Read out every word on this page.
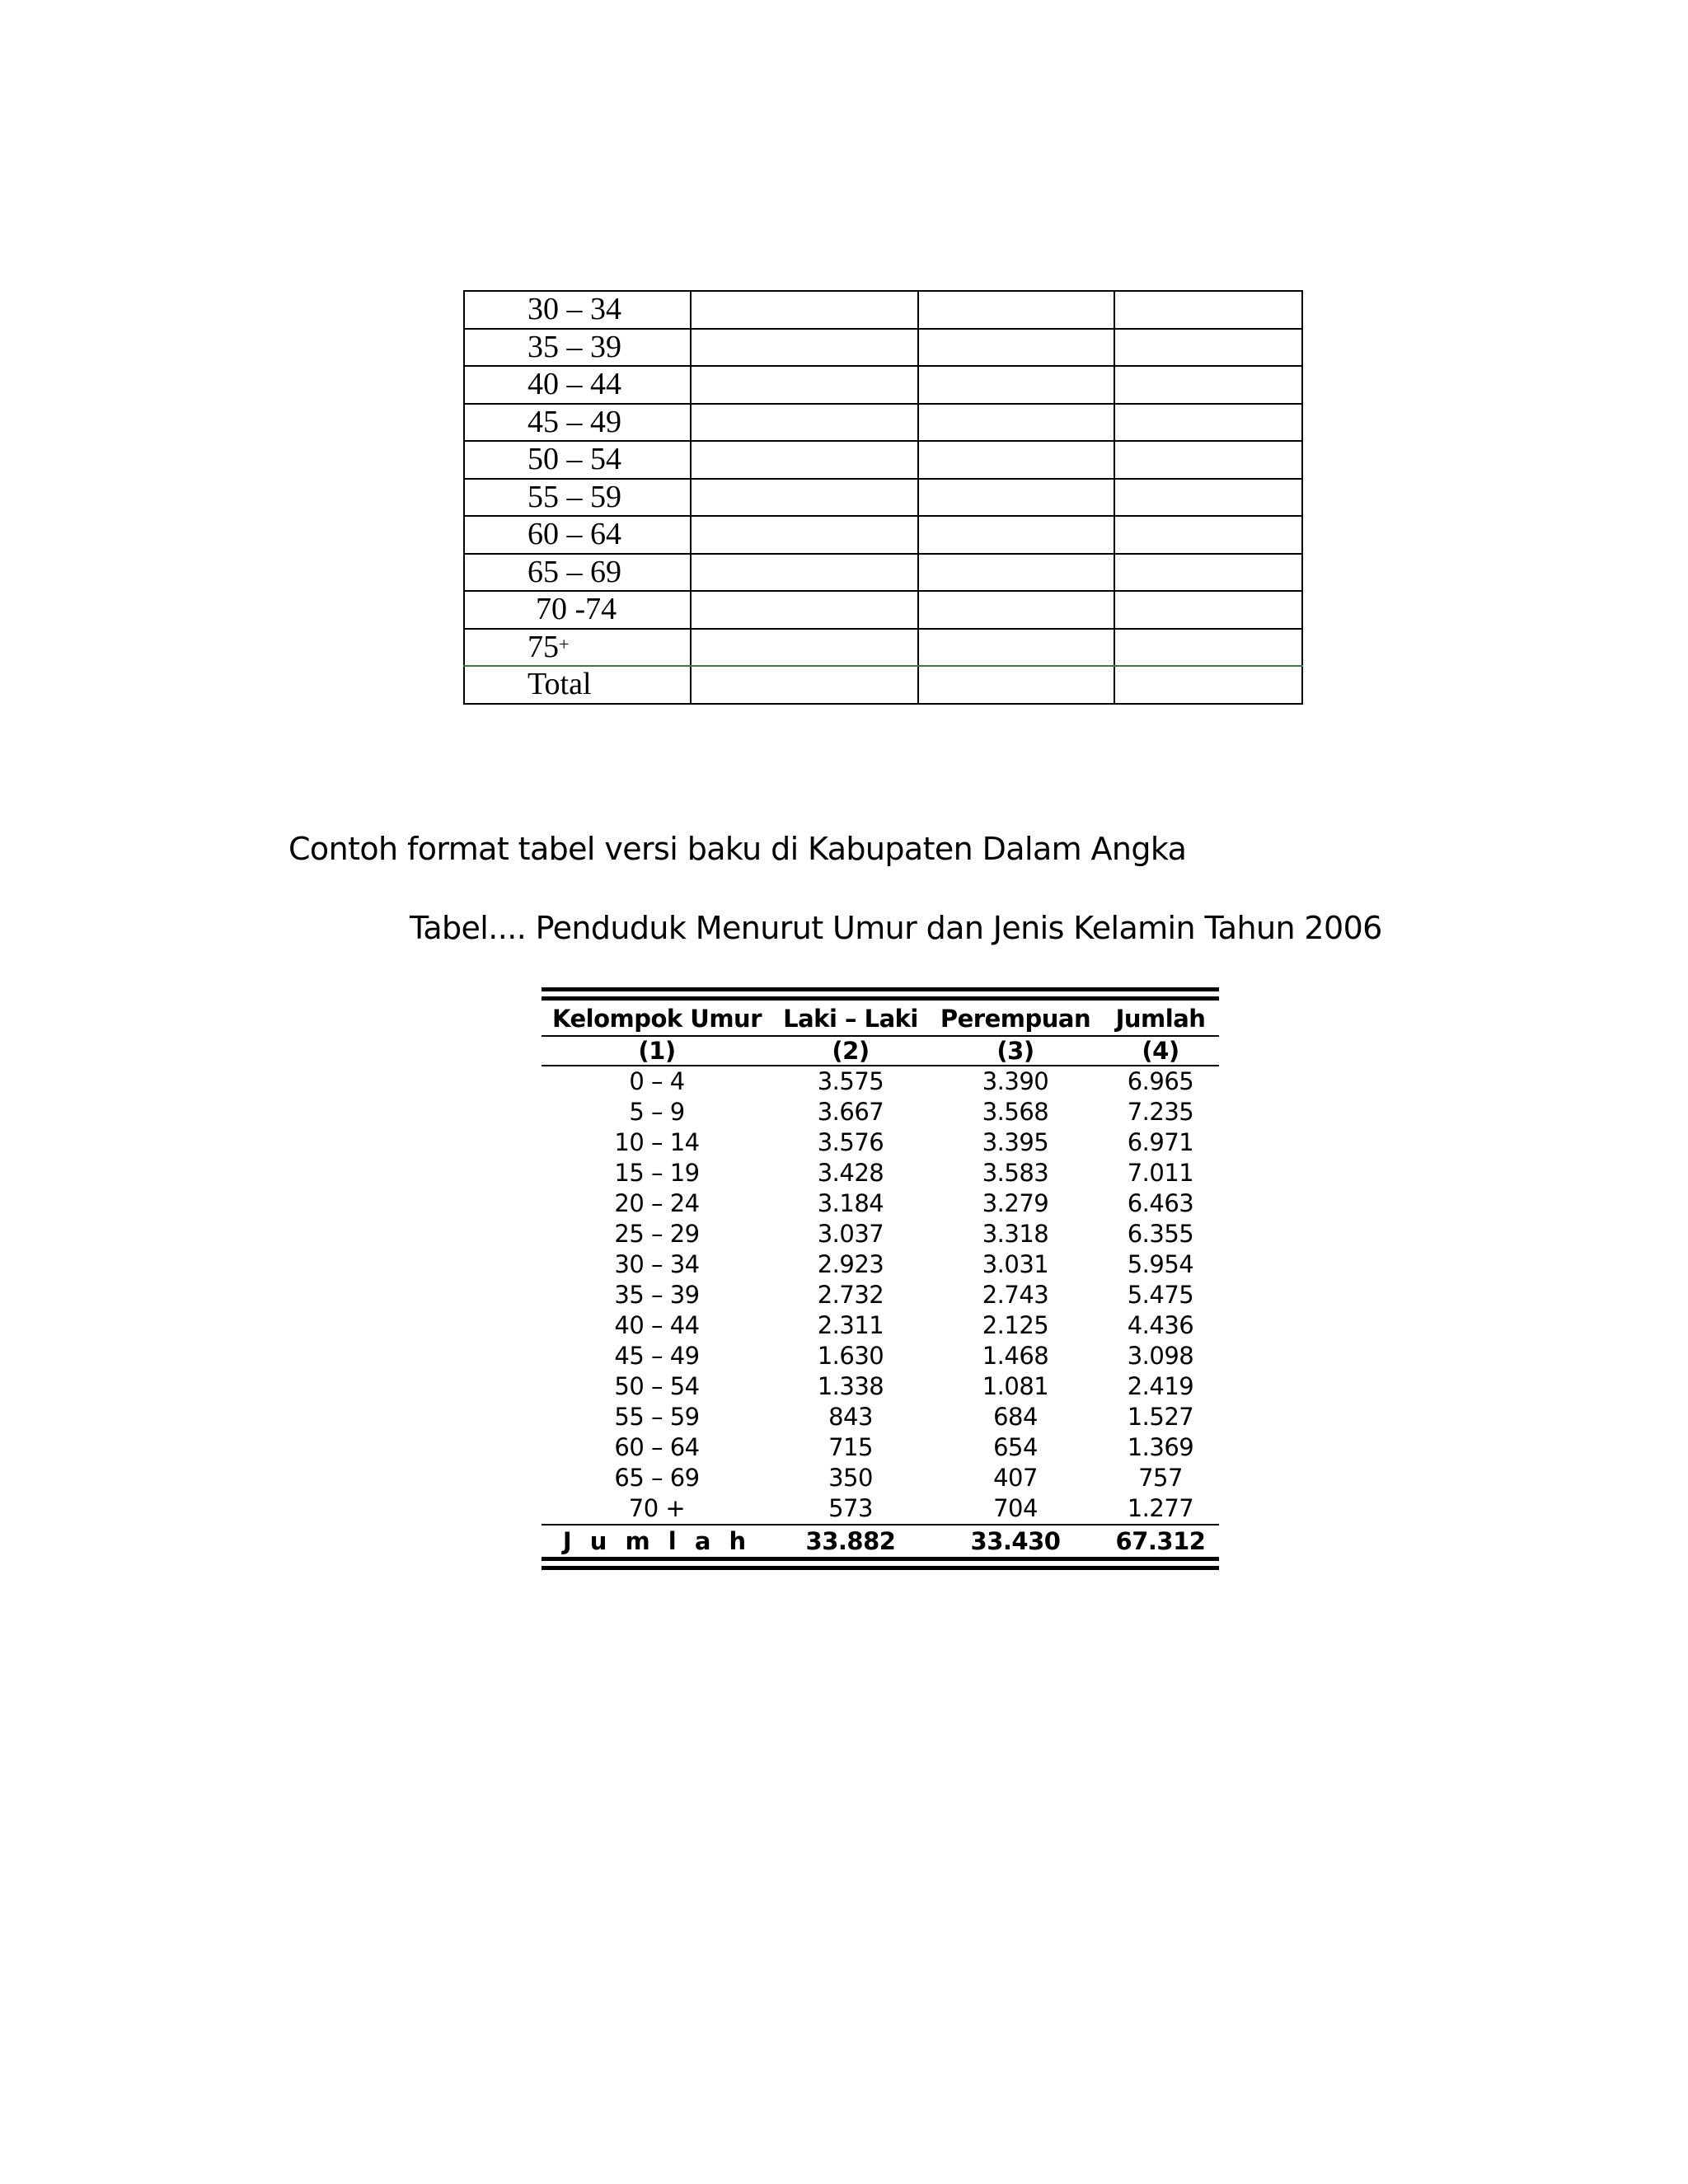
30 – 34			
35 – 39			
40 – 44			
45 – 49			
50 – 54			
55 – 59			
60 – 64			
65 – 69			
70 -74			
75+			
Total			
Contoh format tabel versi baku di Kabupaten Dalam Angka
Tabel.... Penduduk Menurut Umur dan Jenis Kelamin Tahun 2006
Kelompok Umur	Laki – Laki	Perempuan	Jumlah
(1)	(2)	(3)	(4)
0 – 4	3.575	3.390	6.965
5 – 9	3.667	3.568	7.235
10 – 14	3.576	3.395	6.971
15 – 19	3.428	3.583	7.011
20 – 24	3.184	3.279	6.463
25 – 29	3.037	3.318	6.355
30 – 34	2.923	3.031	5.954
35 – 39	2.732	2.743	5.475
40 – 44	2.311	2.125	4.436
45 – 49	1.630	1.468	3.098
50 – 54	1.338	1.081	2.419
55 – 59	843	684	1.527
60 – 64	715	654	1.369
65 – 69	350	407	757
70 +	573	704	1.277
J u m l a h	33.882	33.430	67.312
